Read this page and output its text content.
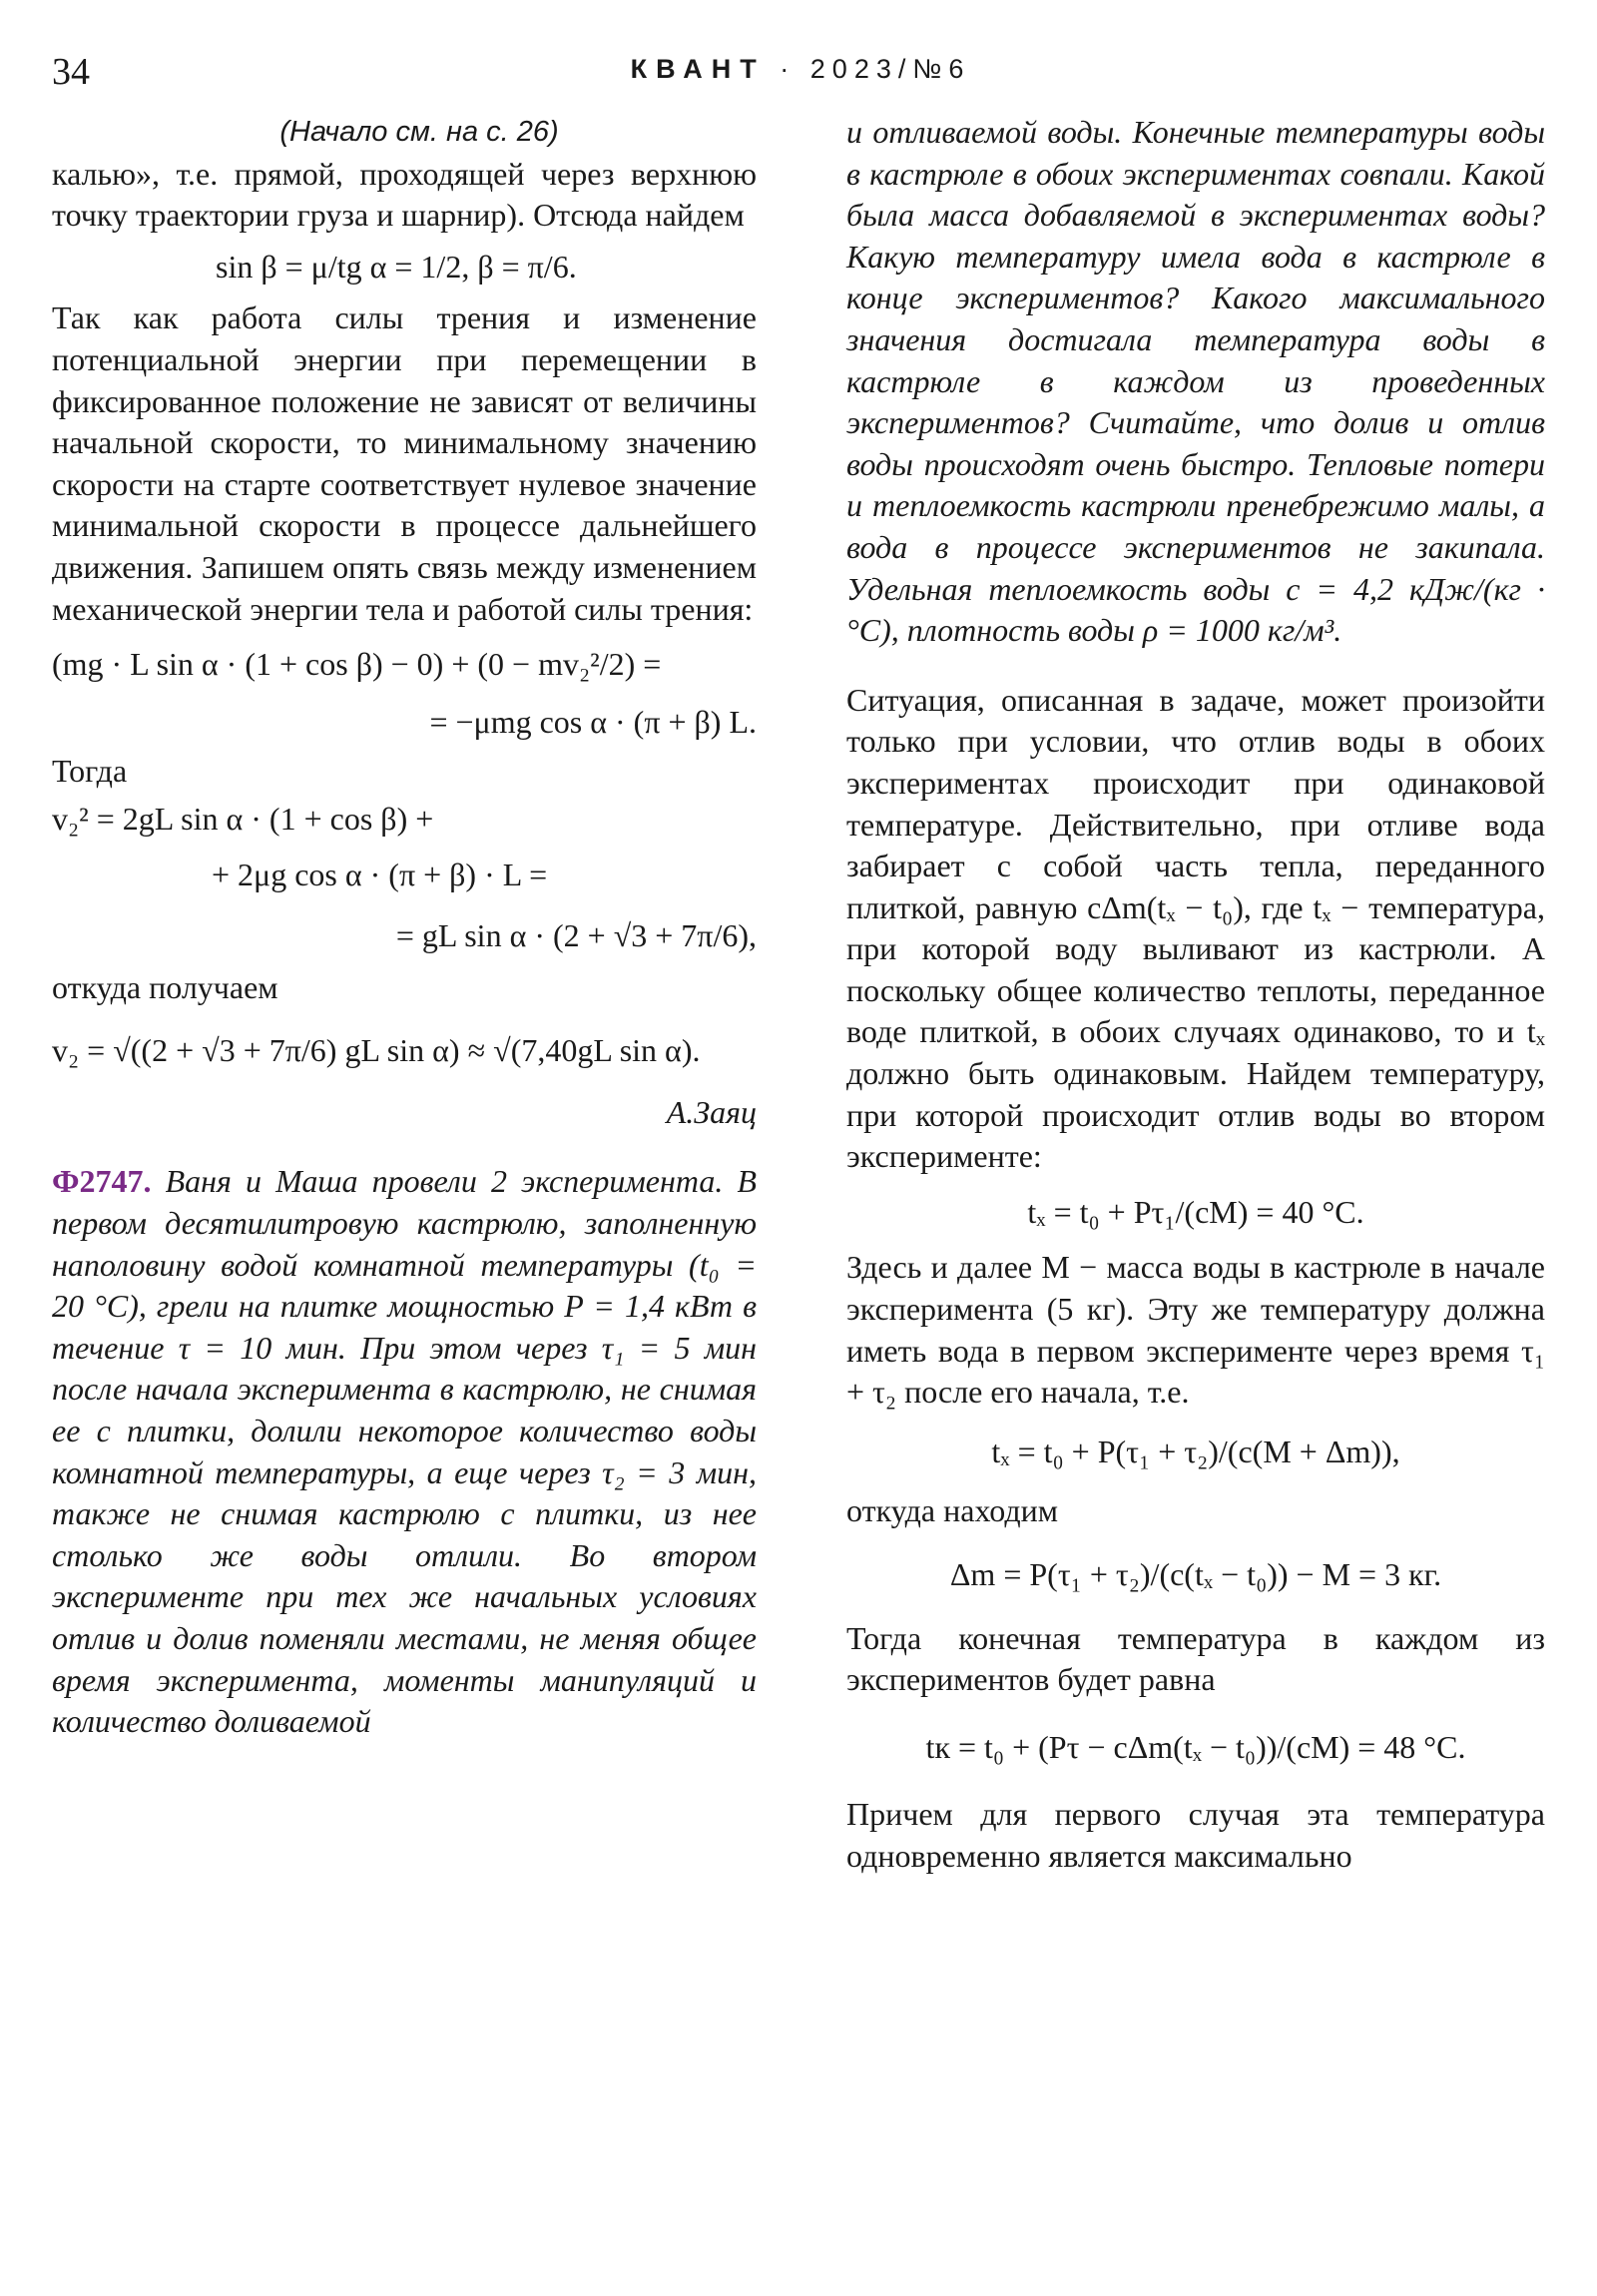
34	КВАНТ · 2023/№6

(Начало см. на с. 26)

калью», т.е. прямой, проходящей через верхнюю точку траектории груза и шарнир). Отсюда найдем

sin β = μ/tg α = 1/2, β = π/6.

Так как работа силы трения и изменение потенциальной энергии при перемещении в фиксированное положение не зависят от величины начальной скорости, то минимальному значению скорости на старте соответствует нулевое значение минимальной скорости в процессе дальнейшего движения. Запишем опять связь между изменением механической энергии тела и работой силы трения:

(mg · L sin α · (1 + cos β) − 0) + (0 − mv₂²/2) =
= −μmg cos α · (π + β) L.

Тогда

v₂² = 2gL sin α · (1 + cos β) +
+ 2μg cos α · (π + β) · L =
= gL sin α · (2 + √3 + 7π/6),

откуда получаем

v₂ = √((2 + √3 + 7π/6) gL sin α) ≈ √(7,40gL sin α).

А.Заяц

Ф2747. Ваня и Маша провели 2 эксперимента. В первом десятилитровую кастрюлю, заполненную наполовину водой комнатной температуры (t₀ = 20 °C), грели на плитке мощностью P = 1,4 кВт в течение τ = 10 мин. При этом через τ₁ = 5 мин после начала эксперимента в кастрюлю, не снимая ее с плитки, долили некоторое количество воды комнатной температуры, а еще через τ₂ = 3 мин, также не снимая кастрюлю с плитки, из нее столько же воды отлили. Во втором эксперименте при тех же начальных условиях отлив и долив поменяли местами, не меняя общее время эксперимента, моменты манипуляций и количество доливаемой

и отливаемой воды. Конечные температуры воды в кастрюле в обоих экспериментах совпали. Какой была масса добавляемой в экспериментах воды? Какую температуру имела вода в кастрюле в конце экспериментов? Какого максимального значения достигала температура воды в кастрюле в каждом из проведенных экспериментов? Считайте, что долив и отлив воды происходят очень быстро. Тепловые потери и теплоемкость кастрюли пренебрежимо малы, а вода в процессе экспериментов не закипала. Удельная теплоемкость воды c = 4,2 кДж/(кг · °C), плотность воды ρ = 1000 кг/м³.

Ситуация, описанная в задаче, может произойти только при условии, что отлив воды в обоих экспериментах происходит при одинаковой температуре. Действительно, при отливе вода забирает с собой часть тепла, переданного плиткой, равную cΔm(tₓ − t₀), где tₓ − температура, при которой воду выливают из кастрюли. А поскольку общее количество теплоты, переданное воде плиткой, в обоих случаях одинаково, то и tₓ должно быть одинаковым. Найдем температуру, при которой происходит отлив воды во втором эксперименте:

tₓ = t₀ + Pτ₁/(cM) = 40 °C.

Здесь и далее M − масса воды в кастрюле в начале эксперимента (5 кг). Эту же температуру должна иметь вода в первом эксперименте через время τ₁ + τ₂ после его начала, т.е.

tₓ = t₀ + P(τ₁ + τ₂)/(c(M + Δm)),

откуда находим

Δm = P(τ₁ + τ₂)/(c(tₓ − t₀)) − M = 3 кг.

Тогда конечная температура в каждом из экспериментов будет равна

tк = t₀ + (Pτ − cΔm(tₓ − t₀))/(cM) = 48 °C.

Причем для первого случая эта температура одновременно является максимально
